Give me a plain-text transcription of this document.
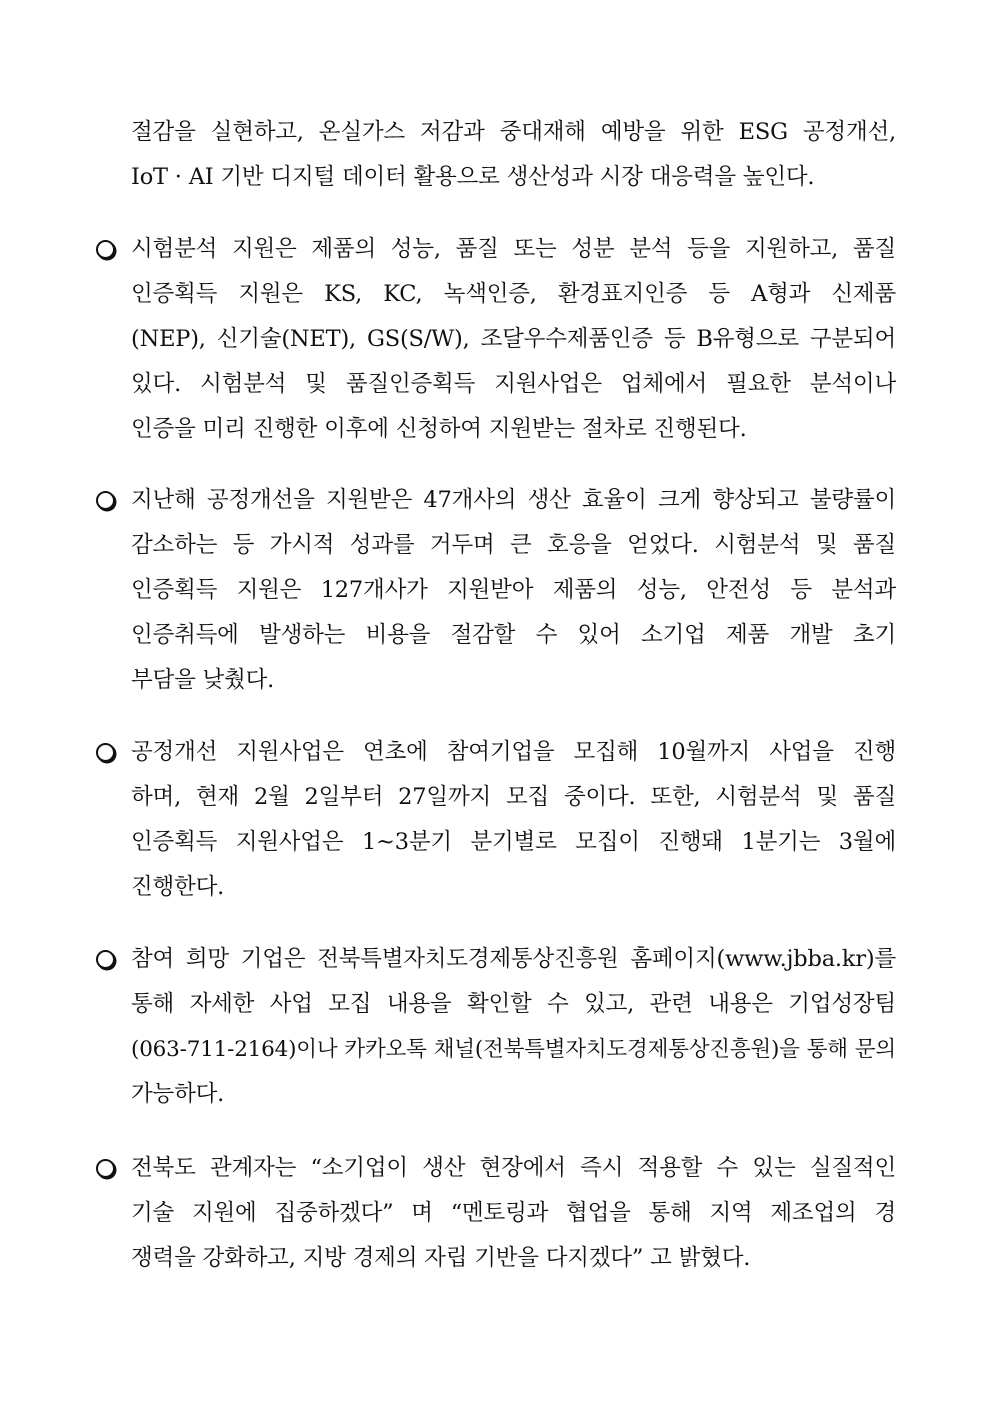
절감을 실현하고, 온실가스 저감과 중대재해 예방을 위한 ESG 공정개선,
IoT · AI 기반 디지털 데이터 활용으로 생산성과 시장 대응력을 높인다.
시험분석 지원은 제품의 성능, 품질 또는 성분 분석 등을 지원하고, 품질
인증획득 지원은 KS, KC, 녹색인증, 환경표지인증 등 A형과 신제품
(NEP), 신기술(NET), GS(S/W), 조달우수제품인증 등 B유형으로 구분되어
있다. 시험분석 및 품질인증획득 지원사업은 업체에서 필요한 분석이나
인증을 미리 진행한 이후에 신청하여 지원받는 절차로 진행된다.
지난해 공정개선을 지원받은 47개사의 생산 효율이 크게 향상되고 불량률이
감소하는 등 가시적 성과를 거두며 큰 호응을 얻었다. 시험분석 및 품질
인증획득 지원은 127개사가 지원받아 제품의 성능, 안전성 등 분석과
인증취득에 발생하는 비용을 절감할 수 있어 소기업 제품 개발 초기
부담을 낮췄다.
공정개선 지원사업은 연초에 참여기업을 모집해 10월까지 사업을 진행
하며, 현재 2월 2일부터 27일까지 모집 중이다. 또한, 시험분석 및 품질
인증획득 지원사업은 1~3분기 분기별로 모집이 진행돼 1분기는 3월에
진행한다.
참여 희망 기업은 전북특별자치도경제통상진흥원 홈페이지(www.jbba.kr)를
통해 자세한 사업 모집 내용을 확인할 수 있고, 관련 내용은 기업성장팀
(063-711-2164)이나 카카오톡 채널(전북특별자치도경제통상진흥원)을 통해 문의
가능하다.
전북도 관계자는 “소기업이 생산 현장에서 즉시 적용할 수 있는 실질적인
기술 지원에 집중하겠다” 며 “멘토링과 협업을 통해 지역 제조업의 경
쟁력을 강화하고, 지방 경제의 자립 기반을 다지겠다” 고 밝혔다.
